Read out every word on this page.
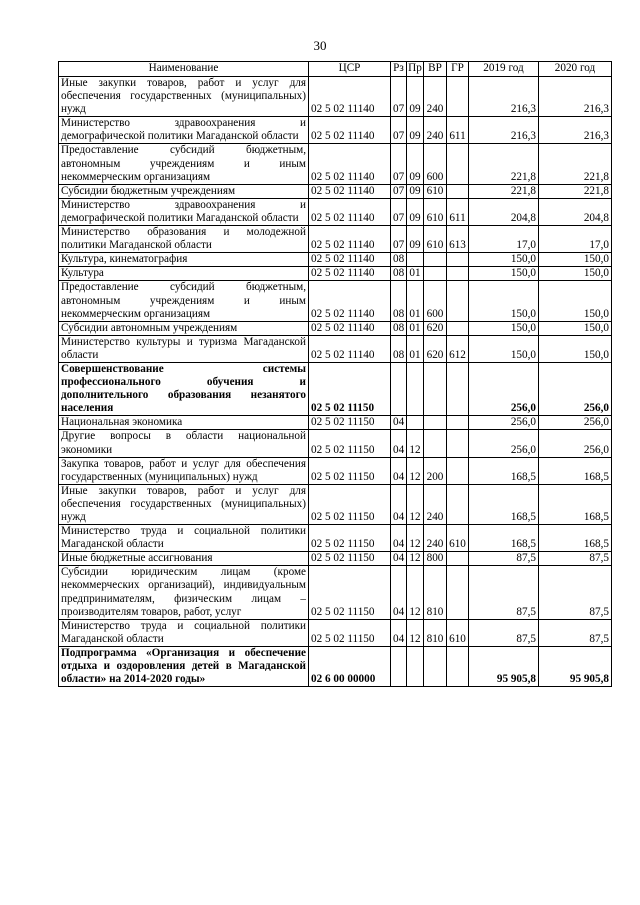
30
Наименование	ЦСР	Рз	Пр	ВР	ГР	2019 год	2020 год
Иные закупки товаров, работ и услуг для обеспечения государственных (муниципальных) нужд	02 5 02 11140	07	09	240		216,3	216,3
Министерство здравоохранения и демографической политики Магаданской области	02 5 02 11140	07	09	240	611	216,3	216,3
Предоставление субсидий бюджетным, автономным учреждениям и иным некоммерческим организациям	02 5 02 11140	07	09	600		221,8	221,8
Субсидии бюджетным учреждениям	02 5 02 11140	07	09	610		221,8	221,8
Министерство здравоохранения и демографической политики Магаданской области	02 5 02 11140	07	09	610	611	204,8	204,8
Министерство образования и молодежной политики Магаданской области	02 5 02 11140	07	09	610	613	17,0	17,0
Культура, кинематография	02 5 02 11140	08				150,0	150,0
Культура	02 5 02 11140	08	01			150,0	150,0
Предоставление субсидий бюджетным, автономным учреждениям и иным некоммерческим организациям	02 5 02 11140	08	01	600		150,0	150,0
Субсидии автономным учреждениям	02 5 02 11140	08	01	620		150,0	150,0
Министерство культуры и туризма Магаданской области	02 5 02 11140	08	01	620	612	150,0	150,0
Совершенствование системы профессионального обучения и дополнительного образования незанятого населения	02 5 02 11150					256,0	256,0
Национальная экономика	02 5 02 11150	04				256,0	256,0
Другие вопросы в области национальной экономики	02 5 02 11150	04	12			256,0	256,0
Закупка товаров, работ и услуг для обеспечения государственных (муниципальных) нужд	02 5 02 11150	04	12	200		168,5	168,5
Иные закупки товаров, работ и услуг для обеспечения государственных (муниципальных) нужд	02 5 02 11150	04	12	240		168,5	168,5
Министерство труда и социальной политики Магаданской области	02 5 02 11150	04	12	240	610	168,5	168,5
Иные бюджетные ассигнования	02 5 02 11150	04	12	800		87,5	87,5
Субсидии юридическим лицам (кроме некоммерческих организаций), индивидуальным предпринимателям, физическим лицам – производителям товаров, работ, услуг	02 5 02 11150	04	12	810		87,5	87,5
Министерство труда и социальной политики Магаданской области	02 5 02 11150	04	12	810	610	87,5	87,5
Подпрограмма «Организация и обеспечение отдыха и оздоровления детей в Магаданской области» на 2014-2020 годы»	02 6 00 00000					95 905,8	95 905,8
